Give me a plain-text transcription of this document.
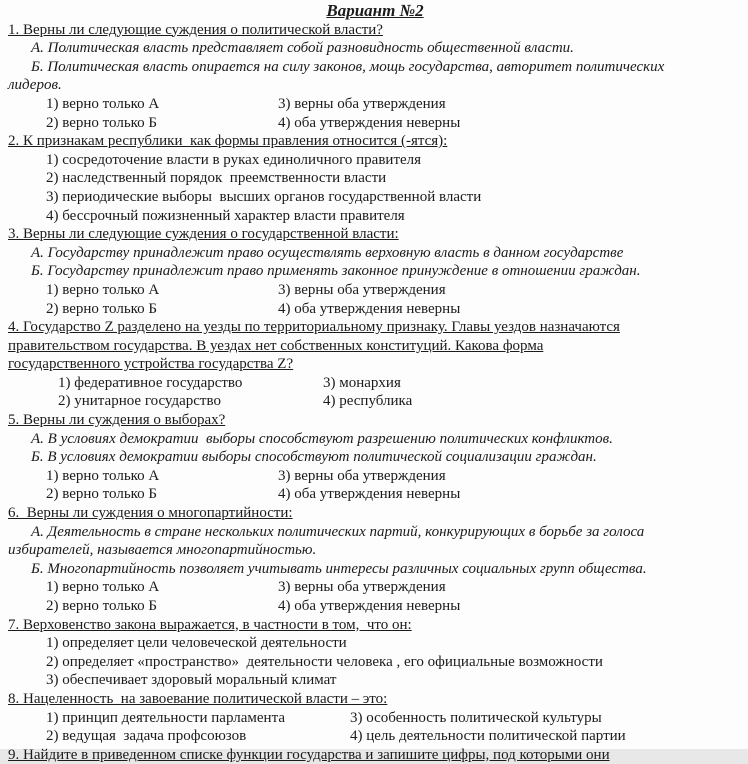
Вариант №2
1. Верны ли следующие суждения о политической власти?
А. Политическая власть представляет собой разновидность общественной власти.
Б. Политическая власть опирается на силу законов, мощь государства, авторитет политических
лидеров.
1) верно только А	3) верны оба утверждения
2) верно только Б	4) оба утверждения неверны
2. К признакам республики  как формы правления относится (-ятся):
1) сосредоточение власти в руках единоличного правителя
2) наследственный порядок  преемственности власти
3) периодические выборы  высших органов государственной власти
4) бессрочный пожизненный характер власти правителя
3. Верны ли следующие суждения о государственной власти:
А. Государству принадлежит право осуществлять верховную власть в данном государстве
Б. Государству принадлежит право применять законное принуждение в отношении граждан.
1) верно только А	3) верны оба утверждения
2) верно только Б	4) оба утверждения неверны
4. Государство Z разделено на уезды по территориальному признаку. Главы уездов назначаются
правительством государства. В уездах нет собственных конституций. Какова форма
государственного устройства государства Z?
1) федеративное государство	3) монархия
2) унитарное государство	4) республика
5. Верны ли суждения о выборах?
А. В условиях демократии  выборы способствуют разрешению политических конфликтов.
Б. В условиях демократии выборы способствуют политической социализации граждан.
1) верно только А	3) верны оба утверждения
2) верно только Б	4) оба утверждения неверны
6.  Верны ли суждения о многопартийности:
А. Деятельность в стране нескольких политических партий, конкурирующих в борьбе за голоса
избирателей, называется многопартийностью.
Б. Многопартийность позволяет учитывать интересы различных социальных групп общества.
1) верно только А	3) верны оба утверждения
2) верно только Б	4) оба утверждения неверны
7. Верховенство закона выражается, в частности в том,  что он:
1) определяет цели человеческой деятельности
2) определяет «пространство»  деятельности человека , его официальные возможности
3) обеспечивает здоровый моральный климат
8. Нацеленность  на завоевание политической власти – это:
1) принцип деятельности парламента	3) особенность политической культуры
2) ведущая  задача профсоюзов	4) цель деятельности политической партии
9. Найдите в приведенном списке функции государства и запишите цифры, под которыми они
